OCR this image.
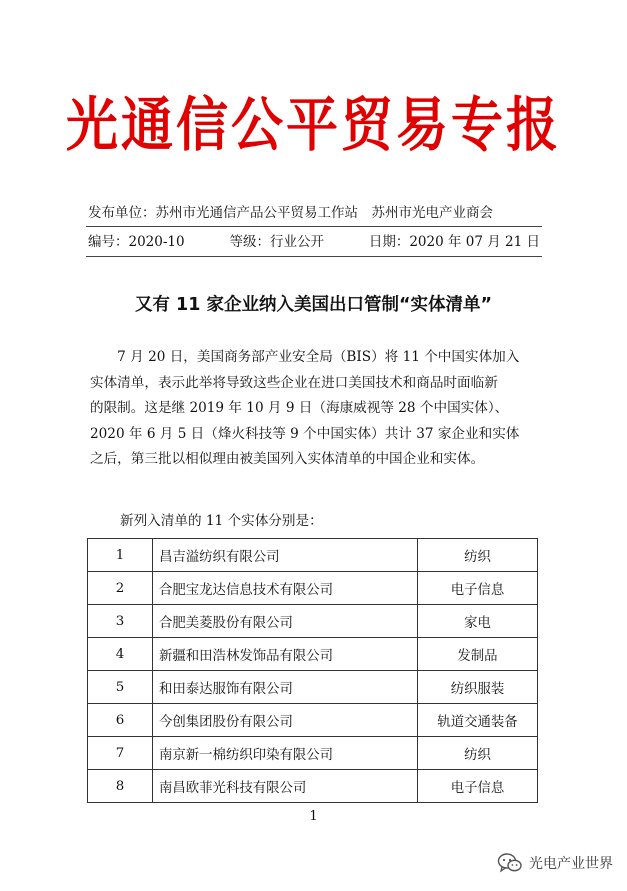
光通信公平贸易专报
发布单位：苏州市光通信产品公平贸易工作站　苏州市光电产业商会
编号：2020-10	等级：行业公开	日期：2020 年 07 月 21 日
又有 11 家企业纳入美国出口管制“实体清单”
　　7 月 20 日，美国商务部产业安全局（BIS）将 11 个中国实体加入
实体清单，表示此举将导致这些企业在进口美国技术和商品时面临新
的限制。这是继 2019 年 10 月 9 日（海康威视等 28 个中国实体）、
2020 年 6 月 5 日（烽火科技等 9 个中国实体）共计 37 家企业和实体
之后，第三批以相似理由被美国列入实体清单的中国企业和实体。
新列入清单的 11 个实体分别是：
1	昌吉溢纺织有限公司	纺织
2	合肥宝龙达信息技术有限公司	电子信息
3	合肥美菱股份有限公司	家电
4	新疆和田浩林发饰品有限公司	发制品
5	和田泰达服饰有限公司	纺织服装
6	今创集团股份有限公司	轨道交通装备
7	南京新一棉纺织印染有限公司	纺织
8	南昌欧菲光科技有限公司	电子信息
1
光电产业世界
